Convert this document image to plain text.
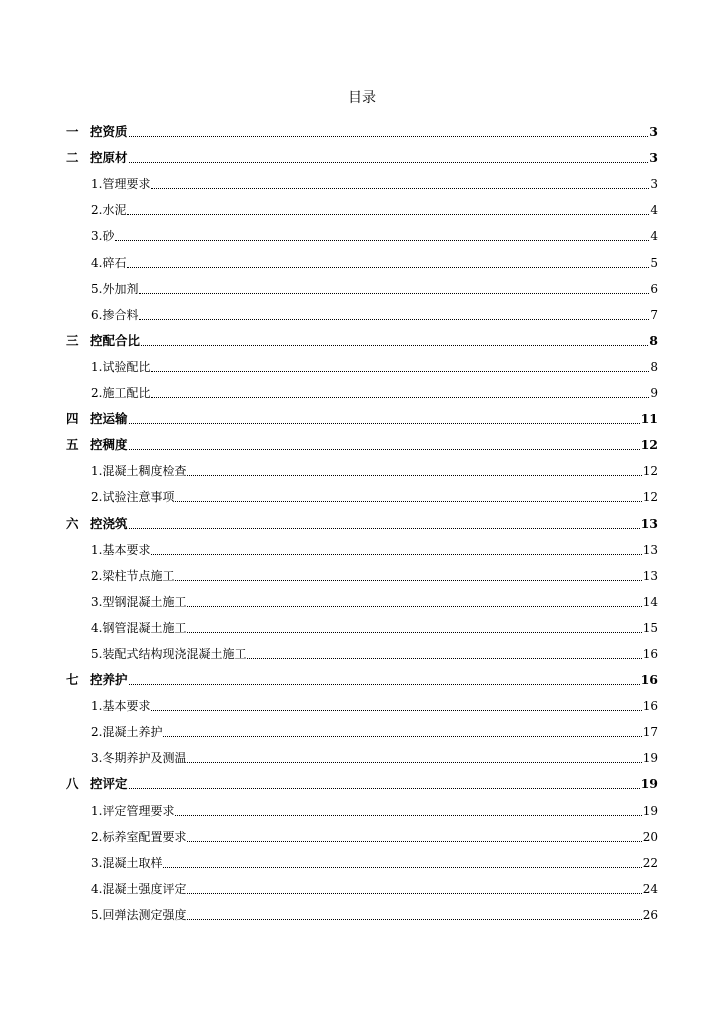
目录
一 控资质	3
二 控原材	3
1. 管理要求	3
2. 水泥	4
3. 砂	4
4. 碎石	5
5. 外加剂	6
6. 掺合料	7
三 控配合比	8
1. 试验配比	8
2. 施工配比	9
四 控运输	11
五 控稠度	12
1. 混凝土稠度检查	12
2. 试验注意事项	12
六 控浇筑	13
1. 基本要求	13
2. 梁柱节点施工	13
3. 型钢混凝土施工	14
4. 钢管混凝土施工	15
5. 装配式结构现浇混凝土施工	16
七 控养护	16
1. 基本要求	16
2. 混凝土养护	17
3. 冬期养护及测温	19
八 控评定	19
1. 评定管理要求	19
2. 标养室配置要求	20
3. 混凝土取样	22
4. 混凝土强度评定	24
5. 回弹法测定强度	26
